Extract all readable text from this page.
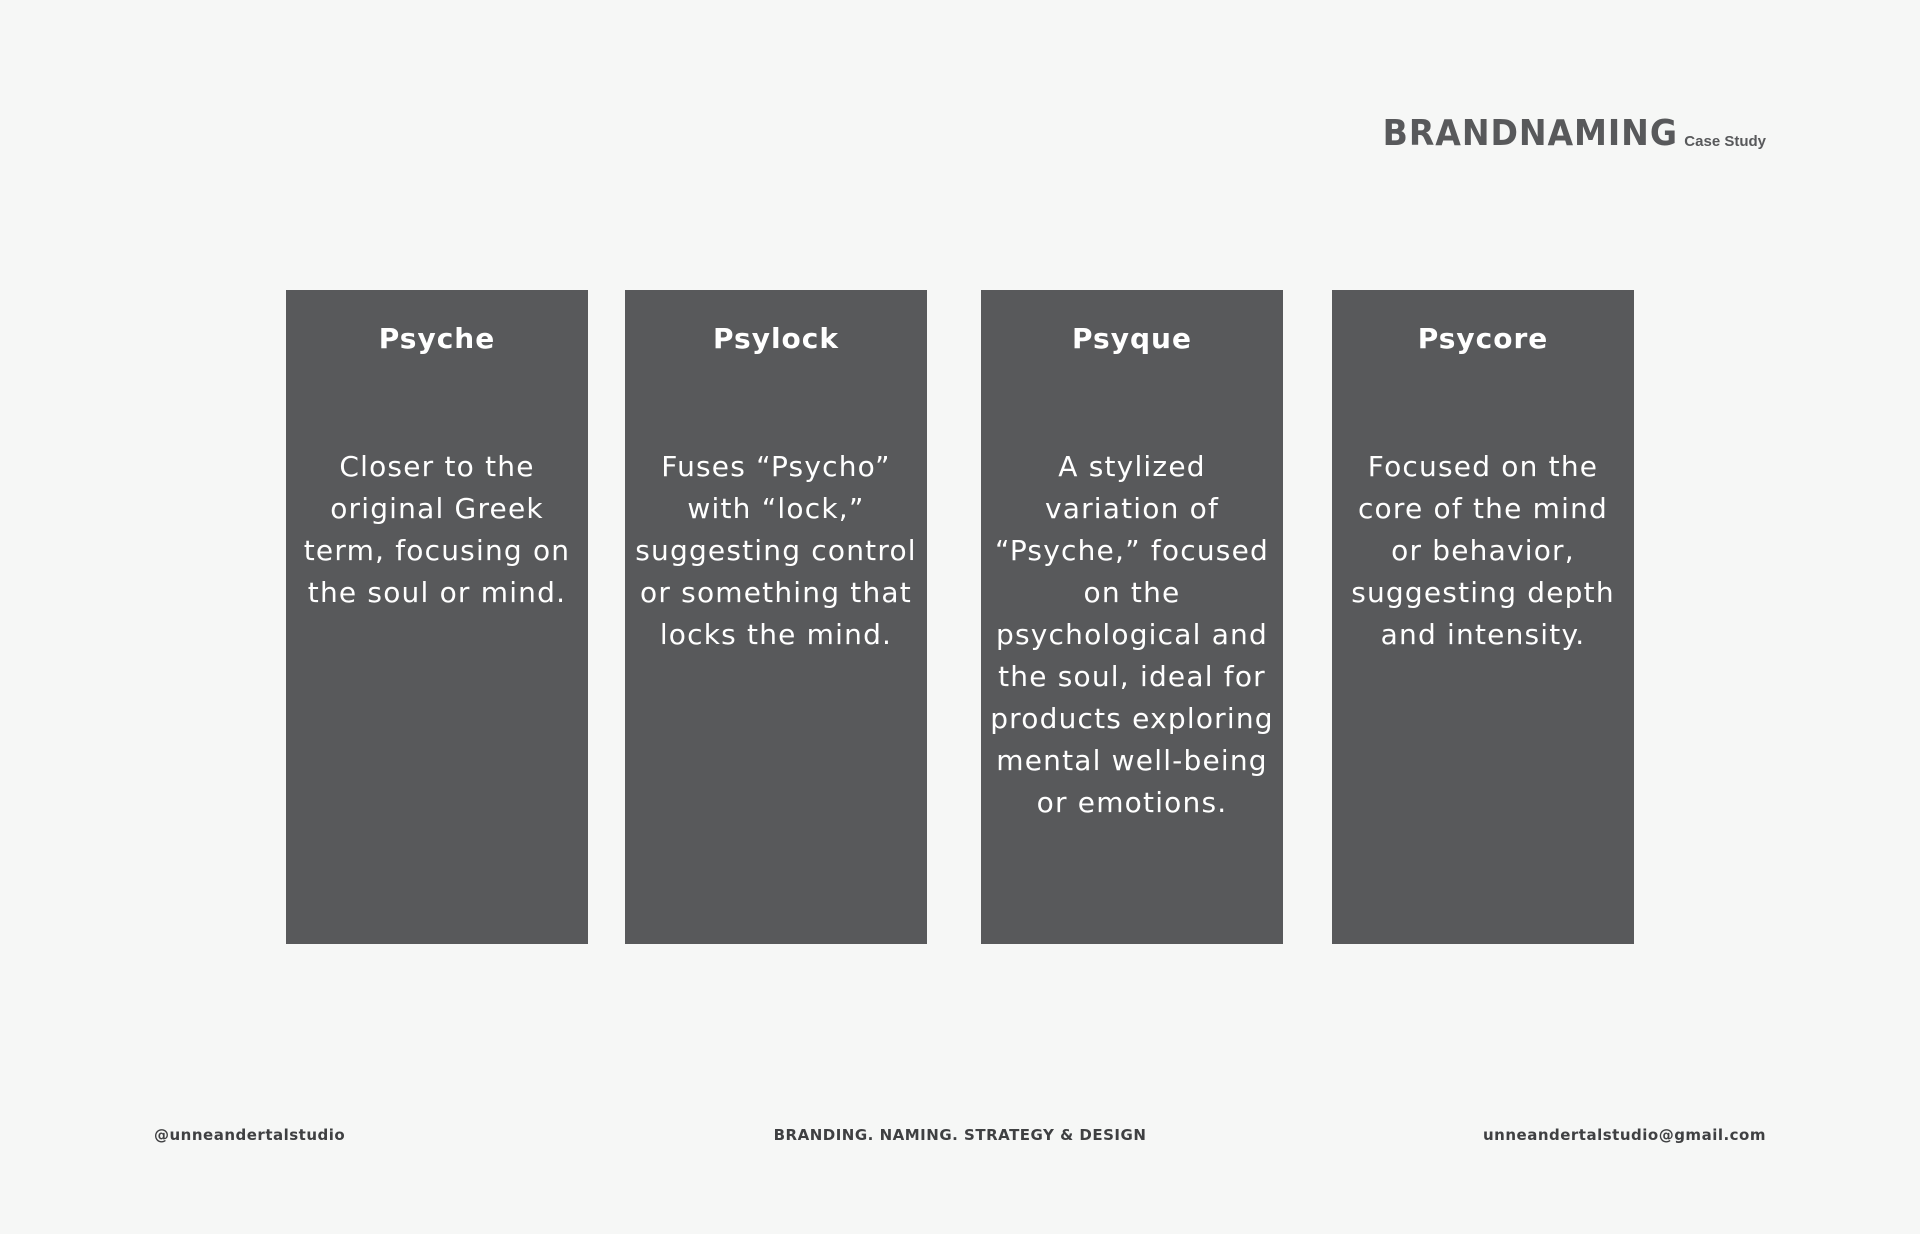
BRANDNAMING Case Study
Psyche
Closer to the original Greek term, focusing on the soul or mind.
Psylock
Fuses “Psycho” with “lock,” suggesting control or something that locks the mind.
Psyque
A stylized variation of “Psyche,” focused on the psychological and the soul, ideal for products exploring mental well-being or emotions.
Psycore
Focused on the core of the mind or behavior, suggesting depth and intensity.
@unneandertalstudio	BRANDING. NAMING. STRATEGY & DESIGN	unneandertalstudio@gmail.com
